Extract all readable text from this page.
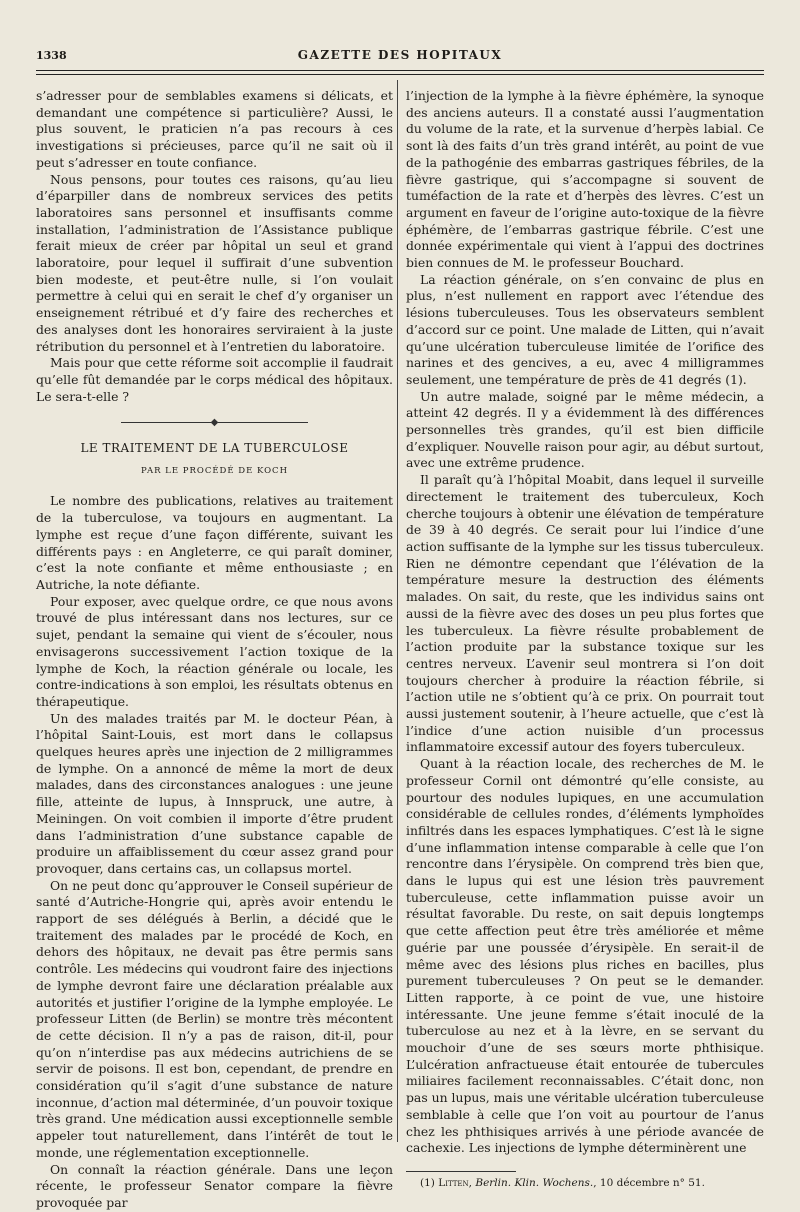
1338	GAZETTE DES HOPITAUX

s’adresser pour de semblables examens si délicats, et demandant une compétence si particulière? Aussi, le plus souvent, le praticien n’a pas recours à ces investigations si précieuses, parce qu’il ne sait où il peut s’adresser en toute confiance.

Nous pensons, pour toutes ces raisons, qu’au lieu d’éparpiller dans de nombreux services des petits laboratoires sans personnel et insuffisants comme installation, l’administration de l’Assistance publique ferait mieux de créer par hôpital un seul et grand laboratoire, pour lequel il suffirait d’une subvention bien modeste, et peut-être nulle, si l’on voulait permettre à celui qui en serait le chef d’y organiser un enseignement rétribué et d’y faire des recherches et des analyses dont les honoraires serviraient à la juste rétribution du personnel et à l’entretien du laboratoire.

Mais pour que cette réforme soit accomplie il faudrait qu’elle fût demandée par le corps médical des hôpitaux. Le sera-t-elle ?

◆
LE TRAITEMENT DE LA TUBERCULOSE
PAR LE PROCÉDÉ DE KOCH

Le nombre des publications, relatives au traitement de la tuberculose, va toujours en augmentant. La lymphe est reçue d’une façon différente, suivant les différents pays : en Angleterre, ce qui paraît dominer, c’est la note confiante et même enthousiaste ; en Autriche, la note défiante.

Pour exposer, avec quelque ordre, ce que nous avons trouvé de plus intéressant dans nos lectures, sur ce sujet, pendant la semaine qui vient de s’écouler, nous envisagerons successivement l’action toxique de la lymphe de Koch, la réaction générale ou locale, les contre-indications à son emploi, les résultats obtenus en thérapeutique.

Un des malades traités par M. le docteur Péan, à l’hôpital Saint-Louis, est mort dans le collapsus quelques heures après une injection de 2 milligrammes de lymphe. On a annoncé de même la mort de deux malades, dans des circonstances analogues : une jeune fille, atteinte de lupus, à Innspruck, une autre, à Meiningen. On voit combien il importe d’être prudent dans l’administration d’une substance capable de produire un affaiblissement du cœur assez grand pour provoquer, dans certains cas, un collapsus mortel.

On ne peut donc qu’approuver le Conseil supérieur de santé d’Autriche-Hongrie qui, après avoir entendu le rapport de ses délégués à Berlin, a décidé que le traitement des malades par le procédé de Koch, en dehors des hôpitaux, ne devait pas être permis sans contrôle. Les médecins qui voudront faire des injections de lymphe devront faire une déclaration préalable aux autorités et justifier l’origine de la lymphe employée. Le professeur Litten (de Berlin) se montre très mécontent de cette décision. Il n’y a pas de raison, dit-il, pour qu’on n’interdise pas aux médecins autrichiens de se servir de poisons. Il est bon, cependant, de prendre en considération qu’il s’agit d’une substance de nature inconnue, d’action mal déterminée, d’un pouvoir toxique très grand. Une médication aussi exceptionnelle semble appeler tout naturellement, dans l’intérêt de tout le monde, une réglementation exceptionnelle.

On connaît la réaction générale. Dans une leçon récente, le professeur Senator compare la fièvre provoquée par

l’injection de la lymphe à la fièvre éphémère, la synoque des anciens auteurs. Il a constaté aussi l’augmentation du volume de la rate, et la survenue d’herpès labial. Ce sont là des faits d’un très grand intérêt, au point de vue de la pathogénie des embarras gastriques fébriles, de la fièvre gastrique, qui s’accompagne si souvent de tuméfaction de la rate et d’herpès des lèvres. C’est un argument en faveur de l’origine auto-toxique de la fièvre éphémère, de l’embarras gastrique fébrile. C’est une donnée expérimentale qui vient à l’appui des doctrines bien connues de M. le professeur Bouchard.

La réaction générale, on s’en convainc de plus en plus, n’est nullement en rapport avec l’étendue des lésions tuberculeuses. Tous les observateurs semblent d’accord sur ce point. Une malade de Litten, qui n’avait qu’une ulcération tuberculeuse limitée de l’orifice des narines et des gencives, a eu, avec 4 milligrammes seulement, une température de près de 41 degrés (1).

Un autre malade, soigné par le même médecin, a atteint 42 degrés. Il y a évidemment là des différences personnelles très grandes, qu’il est bien difficile d’expliquer. Nouvelle raison pour agir, au début surtout, avec une extrême prudence.

Il paraît qu’à l’hôpital Moabit, dans lequel il surveille directement le traitement des tuberculeux, Koch cherche toujours à obtenir une élévation de température de 39 à 40 degrés. Ce serait pour lui l’indice d’une action suffisante de la lymphe sur les tissus tuberculeux. Rien ne démontre cependant que l’élévation de la température mesure la destruction des éléments malades. On sait, du reste, que les individus sains ont aussi de la fièvre avec des doses un peu plus fortes que les tuberculeux. La fièvre résulte probablement de l’action produite par la substance toxique sur les centres nerveux. L’avenir seul montrera si l’on doit toujours chercher à produire la réaction fébrile, si l’action utile ne s’obtient qu’à ce prix. On pourrait tout aussi justement soutenir, à l’heure actuelle, que c’est là l’indice d’une action nuisible d’un processus inflammatoire excessif autour des foyers tuberculeux.

Quant à la réaction locale, des recherches de M. le professeur Cornil ont démontré qu’elle consiste, au pourtour des nodules lupiques, en une accumulation considérable de cellules rondes, d’éléments lymphoïdes infiltrés dans les espaces lymphatiques. C’est là le signe d’une inflammation intense comparable à celle que l’on rencontre dans l’érysipèle. On comprend très bien que, dans le lupus qui est une lésion très pauvrement tuberculeuse, cette inflammation puisse avoir un résultat favorable. Du reste, on sait depuis longtemps que cette affection peut être très améliorée et même guérie par une poussée d’érysipèle. En serait-il de même avec des lésions plus riches en bacilles, plus purement tuberculeuses ? On peut se le demander. Litten rapporte, à ce point de vue, une histoire intéressante. Une jeune femme s’était inoculé de la tuberculose au nez et à la lèvre, en se servant du mouchoir d’une de ses sœurs morte phthisique. L’ulcération anfractueuse était entourée de tubercules miliaires facilement reconnaissables. C’était donc, non pas un lupus, mais une véritable ulcération tuberculeuse semblable à celle que l’on voit au pourtour de l’anus chez les phthisiques arrivés à une période avancée de cachexie. Les injections de lymphe déterminèrent une

(1) Litten, Berlin. Klin. Wochens., 10 décembre n° 51.
